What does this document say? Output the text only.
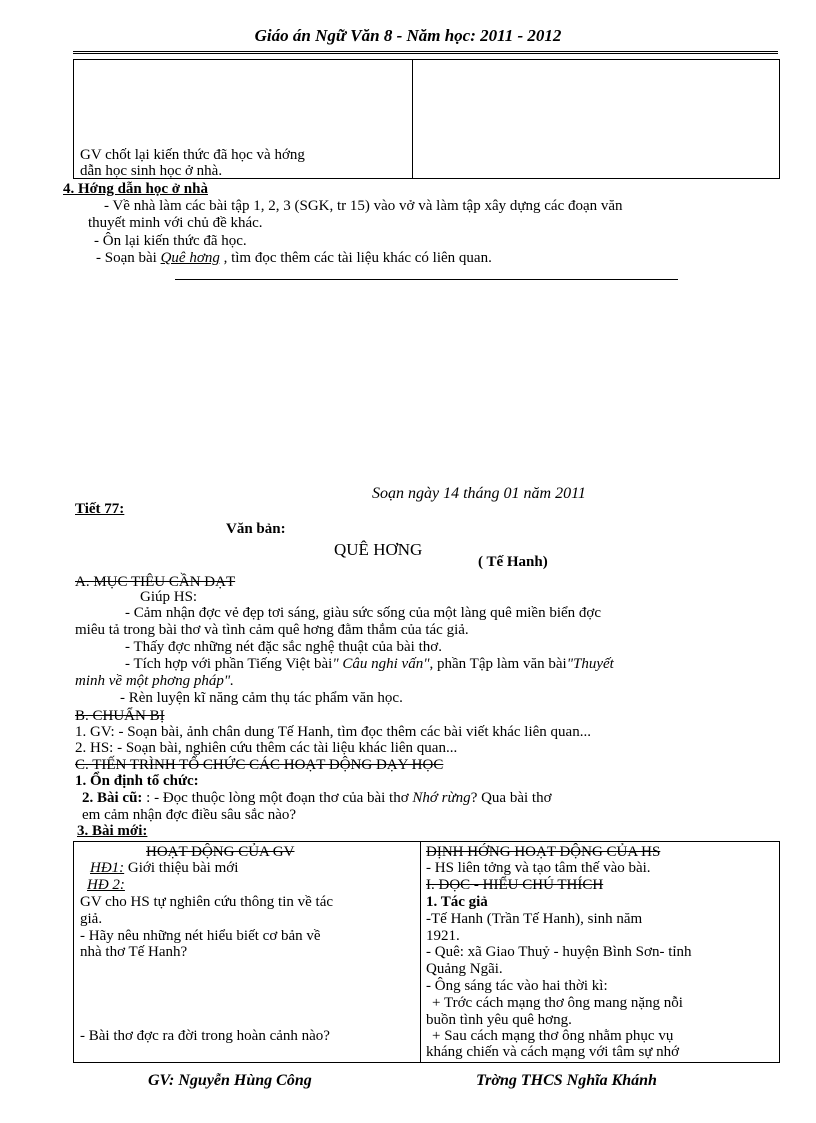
Giáo án Ngữ Văn 8 - Năm học: 2011 - 2012
GV chốt lại kiến thức đã học và hớng
dẫn học sinh học ở nhà.
4. Hớng dẫn học ở nhà
- Về nhà làm các bài tập 1, 2, 3 (SGK, tr 15) vào vở và làm tập xây dựng các đoạn văn
thuyết minh với chủ đề khác.
- Ôn lại kiến thức đã học.
- Soạn bài Quê hơng , tìm đọc thêm các tài liệu khác có liên quan.
Soạn ngày 14 tháng 01 năm 2011
Tiết 77:
Văn bản:
QUÊ HƠNG
( Tế Hanh)
A. MỤC TIÊU CẦN ĐẠT
Giúp HS:
- Cảm nhận đợc vẻ đẹp tơi sáng, giàu sức sống của một làng quê miền biển đợc
miêu tả trong bài thơ và tình cảm quê hơng đằm thắm của tác giả.
- Thấy đợc những nét đặc sắc nghệ thuật của bài thơ.
- Tích hợp với phần Tiếng Việt bài" Câu nghi vấn", phần Tập làm văn bài"Thuyết
minh về một phơng pháp".
- Rèn luyện kĩ năng cảm thụ tác phẩm văn học.
B. CHUẨN BỊ
1. GV: - Soạn bài, ảnh chân dung Tế Hanh, tìm đọc thêm các bài viết khác liên quan...
2. HS: - Soạn bài, nghiên cứu thêm các tài liệu khác liên quan...
C. TIẾN TRÌNH TỔ CHỨC CÁC HOẠT ĐỘNG DẠY HỌC
1. Ổn định tổ chức:
2. Bài cũ: : - Đọc thuộc lòng một đoạn thơ của bài thơ Nhớ rừng? Qua bài thơ
em cảm nhận đợc điều sâu sắc nào?
3. Bài mới:
HOẠT ĐỘNG CỦA GV	ĐỊNH HỚNG HOẠT ĐỘNG CỦA HS
HĐ1: Giới thiệu bài mới
HĐ 2:
GV cho HS tự nghiên cứu thông tin về tác
giả.
- Hãy nêu những nét hiểu biết cơ bản về
nhà thơ Tế Hanh?
- Bài thơ đợc ra đời trong hoàn cảnh nào?
- HS liên tởng và tạo tâm thế vào bài.
I. ĐỌC - HIỂU CHÚ THÍCH
1. Tác giả
-Tế Hanh (Trần Tế Hanh), sinh năm
1921.
- Quê: xã Giao Thuỷ - huyện Bình Sơn- tỉnh
Quảng Ngãi.
- Ông sáng tác vào hai thời kì:
+ Trớc cách mạng thơ ông mang nặng nỗi
buồn tình yêu quê hơng.
+ Sau cách mạng thơ ông nhằm phục vụ
kháng chiến và cách mạng với tâm sự nhớ
GV: Nguyễn Hùng Công	Trờng THCS Nghĩa Khánh
